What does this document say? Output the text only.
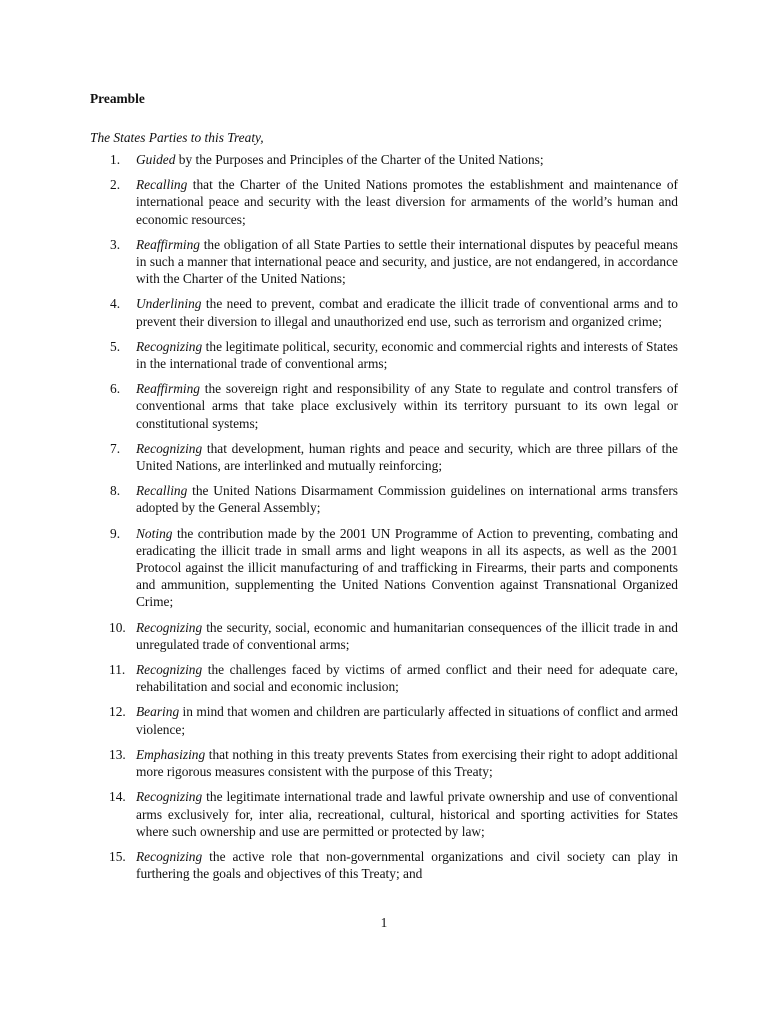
Preamble
The States Parties to this Treaty,
1.	Guided by the Purposes and Principles of the Charter of the United Nations;
2.	Recalling that the Charter of the United Nations promotes the establishment and maintenance of international peace and security with the least diversion for armaments of the world’s human and economic resources;
3.	Reaffirming the obligation of all State Parties to settle their international disputes by peaceful means in such a manner that international peace and security, and justice, are not endangered, in accordance with the Charter of the United Nations;
4.	Underlining the need to prevent, combat and eradicate the illicit trade of conventional arms and to prevent their diversion to illegal and unauthorized end use, such as terrorism and organized crime;
5.	Recognizing the legitimate political, security, economic and commercial rights and interests of States in the international trade of conventional arms;
6.	Reaffirming the sovereign right and responsibility of any State to regulate and control transfers of conventional arms that take place exclusively within its territory pursuant to its own legal or constitutional systems;
7.	Recognizing that development, human rights and peace and security, which are three pillars of the United Nations, are interlinked and mutually reinforcing;
8.	Recalling the United Nations Disarmament Commission guidelines on international arms transfers adopted by the General Assembly;
9.	Noting the contribution made by the 2001 UN Programme of Action to preventing, combating and eradicating the illicit trade in small arms and light weapons in all its aspects, as well as the 2001 Protocol against the illicit manufacturing of and trafficking in Firearms, their parts and components and ammunition, supplementing the United Nations Convention against Transnational Organized Crime;
10. Recognizing the security, social, economic and humanitarian consequences of the illicit trade in and unregulated trade of conventional arms;
11. Recognizing the challenges faced by victims of armed conflict and their need for adequate care, rehabilitation and social and economic inclusion;
12. Bearing in mind that women and children are particularly affected in situations of conflict and armed violence;
13. Emphasizing that nothing in this treaty prevents States from exercising their right to adopt additional more rigorous measures consistent with the purpose of this Treaty;
14. Recognizing the legitimate international trade and lawful private ownership and use of conventional arms exclusively for, inter alia, recreational, cultural, historical and sporting activities for States where such ownership and use are permitted or protected by law;
15. Recognizing the active role that non-governmental organizations and civil society can play in furthering the goals and objectives of this Treaty; and
1
